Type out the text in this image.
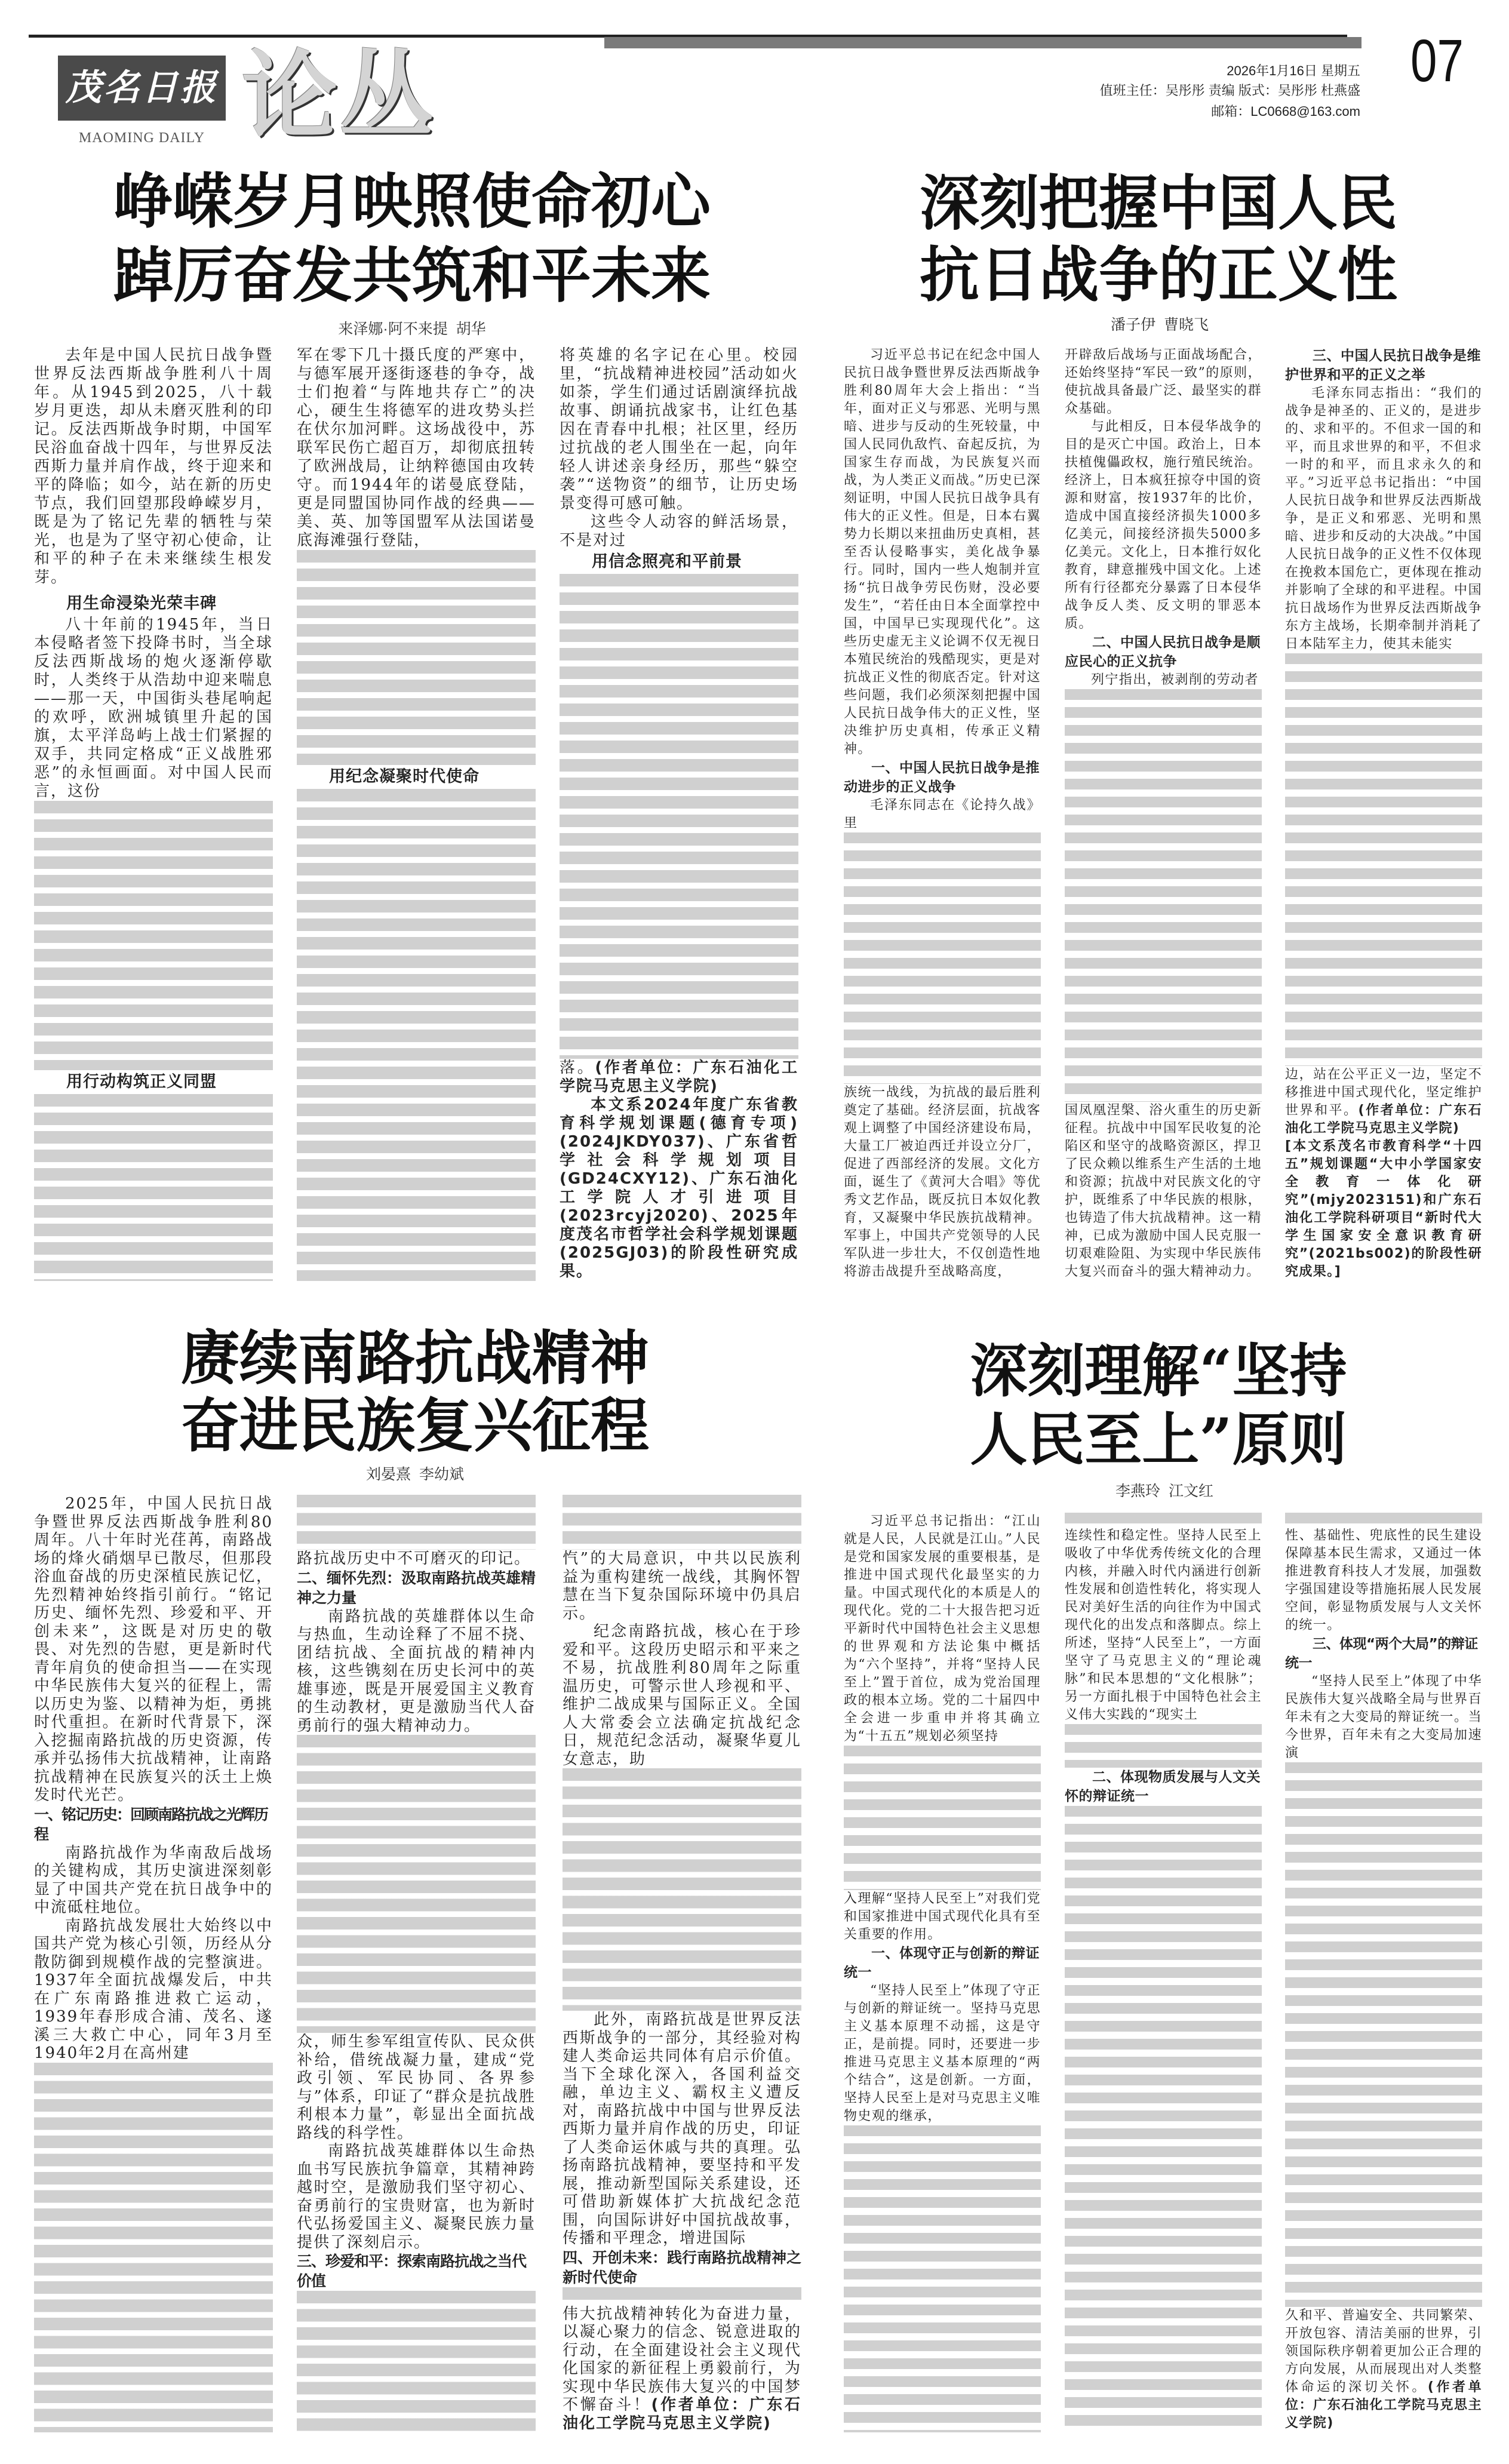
茂名日报
MAOMING DAILY 论丛	2026年1月16日 星期五
值班主任：吴彤彤 责编 版式：吴彤彤 杜燕盛
邮箱：LC0668@163.com
07
峥嵘岁月映照使命初心
踔厉奋发共筑和平未来
来泽娜·阿不来提  胡华

去年是中国人民抗日战争暨世界反法西斯战争胜利八十周年。从1945到2025，八十载岁月更迭，却从未磨灭胜利的印记。反法西斯战争时期，中国军民浴血奋战十四年，与世界反法西斯力量并肩作战，终于迎来和平的降临；如今，站在新的历史节点，我们回望那段峥嵘岁月，既是为了铭记先辈的牺牲与荣光，也是为了坚守初心使命，让和平的种子在未来继续生根发芽。

用生命浸染光荣丰碑

八十年前的1945年，当日本侵略者签下投降书时，当全球反法西斯战场的炮火逐渐停歇时，人类终于从浩劫中迎来喘息——那一天，中国街头巷尾响起的欢呼，欧洲城镇里升起的国旗，太平洋岛屿上战士们紧握的双手，共同定格成“正义战胜邪恶”的永恒画面。对中国人民而言，这份

用行动构筑正义同盟

军在零下几十摄氏度的严寒中，与德军展开逐街逐巷的争夺，战士们抱着“与阵地共存亡”的决心，硬生生将德军的进攻势头拦在伏尔加河畔。这场战役中，苏联军民伤亡超百万，却彻底扭转了欧洲战局，让纳粹德国由攻转守。而1944年的诺曼底登陆，更是同盟国协同作战的经典——美、英、加等国盟军从法国诺曼底海滩强行登陆，

用纪念凝聚时代使命

将英雄的名字记在心里。校园里，“抗战精神进校园”活动如火如荼，学生们通过话剧演绎抗战故事、朗诵抗战家书，让红色基因在青春中扎根；社区里，经历过抗战的老人围坐在一起，向年轻人讲述亲身经历，那些“躲空袭”“送物资”的细节，让历史场景变得可感可触。

这些令人动容的鲜活场景，不是对过

用信念照亮和平前景

落。(作者单位：广东石油化工学院马克思主义学院)

本文系2024年度广东省教育科学规划课题(德育专项)(2024JKDY037)、广东省哲学社会科学规划项目(GD24CXY12)、广东石油化工学院人才引进项目(2023rcyj2020)、2025年度茂名市哲学社会科学规划课题(2025GJ03)的阶段性研究成果。

深刻把握中国人民
抗日战争的正义性
潘子伊  曹晓飞

习近平总书记在纪念中国人民抗日战争暨世界反法西斯战争胜利80周年大会上指出：“当年，面对正义与邪恶、光明与黑暗、进步与反动的生死较量，中国人民同仇敌忾、奋起反抗，为国家生存而战，为民族复兴而战，为人类正义而战。”历史已深刻证明，中国人民抗日战争具有伟大的正义性。但是，日本右翼势力长期以来扭曲历史真相，甚至否认侵略事实，美化战争暴行。同时，国内一些人炮制并宣扬“抗日战争劳民伤财，没必要发生”，“若任由日本全面掌控中国，中国早已实现现代化”。这些历史虚无主义论调不仅无视日本殖民统治的残酷现实，更是对抗战正义性的彻底否定。针对这些问题，我们必须深刻把握中国人民抗日战争伟大的正义性，坚决维护历史真相，传承正义精神。

一、中国人民抗日战争是推动进步的正义战争

毛泽东同志在《论持久战》里

族统一战线，为抗战的最后胜利奠定了基础。经济层面，抗战客观上调整了中国经济建设布局，大量工厂被迫西迁并设立分厂，促进了西部经济的发展。文化方面，诞生了《黄河大合唱》等优秀文艺作品，既反抗日本奴化教育，又凝聚中华民族抗战精神。军事上，中国共产党领导的人民军队进一步壮大，不仅创造性地将游击战提升至战略高度，

开辟敌后战场与正面战场配合，还始终坚持“军民一致”的原则，使抗战具备最广泛、最坚实的群众基础。

与此相反，日本侵华战争的目的是灭亡中国。政治上，日本扶植傀儡政权，施行殖民统治。经济上，日本疯狂掠夺中国的资源和财富，按1937年的比价，造成中国直接经济损失1000多亿美元，间接经济损失5000多亿美元。文化上，日本推行奴化教育，肆意摧残中国文化。上述所有行径都充分暴露了日本侵华战争反人类、反文明的罪恶本质。

二、中国人民抗日战争是顺应民心的正义抗争

列宁指出，被剥削的劳动者

国凤凰涅槃、浴火重生的历史新征程。抗战中中国军民收复的沦陷区和坚守的战略资源区，捍卫了民众赖以维系生产生活的土地和资源；抗战中对民族文化的守护，既维系了中华民族的根脉，也铸造了伟大抗战精神。这一精神，已成为激励中国人民克服一切艰难险阻、为实现中华民族伟大复兴而奋斗的强大精神动力。

三、中国人民抗日战争是维护世界和平的正义之举

毛泽东同志指出：“我们的战争是神圣的、正义的，是进步的、求和平的。不但求一国的和平，而且求世界的和平，不但求一时的和平，而且求永久的和平。”习近平总书记指出：“中国人民抗日战争和世界反法西斯战争，是正义和邪恶、光明和黑暗、进步和反动的大决战。”中国人民抗日战争的正义性不仅体现在挽救本国危亡，更体现在推动并影响了全球的和平进程。中国抗日战场作为世界反法西斯战争东方主战场，长期牵制并消耗了日本陆军主力，使其未能实

边，站在公平正义一边，坚定不移推进中国式现代化，坚定维护世界和平。(作者单位：广东石油化工学院马克思主义学院)

[本文系茂名市教育科学“十四五”规划课题“大中小学国家安全教育一体化研究”(mjy2023151)和广东石油化工学院科研项目“新时代大学生国家安全意识教育研究”(2021bs002)的阶段性研究成果。]

赓续南路抗战精神
奋进民族复兴征程
刘晏熹  李幼斌

2025年，中国人民抗日战争暨世界反法西斯战争胜利80周年。八十年时光荏苒，南路战场的烽火硝烟早已散尽，但那段浴血奋战的历史深植民族记忆，先烈精神始终指引前行。“铭记历史、缅怀先烈、珍爱和平、开创未来”，这既是对历史的敬畏、对先烈的告慰，更是新时代青年肩负的使命担当——在实现中华民族伟大复兴的征程上，需以历史为鉴、以精神为炬，勇挑时代重担。在新时代背景下，深入挖掘南路抗战的历史资源，传承并弘扬伟大抗战精神，让南路抗战精神在民族复兴的沃土上焕发时代光芒。

一、铭记历史：回顾南路抗战之光辉历程

南路抗战作为华南敌后战场的关键构成，其历史演进深刻彰显了中国共产党在抗日战争中的中流砥柱地位。

南路抗战发展壮大始终以中国共产党为核心引领，历经从分散防御到规模作战的完整演进。1937年全面抗战爆发后，中共在广东南路推进救亡运动，1939年春形成合浦、茂名、遂溪三大救亡中心，同年3月至1940年2月在高州建

路抗战历史中不可磨灭的印记。

二、缅怀先烈：汲取南路抗战英雄精神之力量

南路抗战的英雄群体以生命与热血，生动诠释了不屈不挠、团结抗战、全面抗战的精神内核，这些镌刻在历史长河中的英雄事迹，既是开展爱国主义教育的生动教材，更是激励当代人奋勇前行的强大精神动力。

众，师生参军组宣传队、民众供补给，借统战凝力量，建成“党政引领、军民协同、各界参与”体系，印证了“群众是抗战胜利根本力量”，彰显出全面抗战路线的科学性。

南路抗战英雄群体以生命热血书写民族抗争篇章，其精神跨越时空，是激励我们坚守初心、奋勇前行的宝贵财富，也为新时代弘扬爱国主义、凝聚民族力量提供了深刻启示。

三、珍爱和平：探索南路抗战之当代价值

忾”的大局意识，中共以民族利益为重构建统一战线，其胸怀智慧在当下复杂国际环境中仍具启示。

纪念南路抗战，核心在于珍爱和平。这段历史昭示和平来之不易，抗战胜利80周年之际重温历史，可警示世人珍视和平、维护二战成果与国际正义。全国人大常委会立法确定抗战纪念日，规范纪念活动，凝聚华夏儿女意志，助

此外，南路抗战是世界反法西斯战争的一部分，其经验对构建人类命运共同体有启示价值。当下全球化深入，各国利益交融，单边主义、霸权主义遭反对，南路抗战中中国与世界反法西斯力量并肩作战的历史，印证了人类命运休戚与共的真理。弘扬南路抗战精神，要坚持和平发展，推动新型国际关系建设，还可借助新媒体扩大抗战纪念范围，向国际讲好中国抗战故事，传播和平理念，增进国际

四、开创未来：践行南路抗战精神之新时代使命

伟大抗战精神转化为奋进力量，以凝心聚力的信念、锐意进取的行动，在全面建设社会主义现代化国家的新征程上勇毅前行，为实现中华民族伟大复兴的中国梦不懈奋斗！(作者单位：广东石油化工学院马克思主义学院)

深刻理解“坚持
人民至上”原则
李燕玲  江文红

习近平总书记指出：“江山就是人民，人民就是江山。”人民是党和国家发展的重要根基，是推进中国式现代化最坚实的力量。中国式现代化的本质是人的现代化。党的二十大报告把习近平新时代中国特色社会主义思想的世界观和方法论集中概括为“六个坚持”，并将“坚持人民至上”置于首位，成为党治国理政的根本立场。党的二十届四中全会进一步重申并将其确立为“十五五”规划必须坚持

入理解“坚持人民至上”对我们党和国家推进中国式现代化具有至关重要的作用。

一、体现守正与创新的辩证统一

“坚持人民至上”体现了守正与创新的辩证统一。坚持马克思主义基本原理不动摇，这是守正，是前提。同时，还要进一步推进马克思主义基本原理的“两个结合”，这是创新。一方面，坚持人民至上是对马克思主义唯物史观的继承，

连续性和稳定性。坚持人民至上吸收了中华优秀传统文化的合理内核，并融入时代内涵进行创新性发展和创造性转化，将实现人民对美好生活的向往作为中国式现代化的出发点和落脚点。综上所述，坚持“人民至上”，一方面坚守了马克思主义的“理论魂脉”和民本思想的“文化根脉”；另一方面扎根于中国特色社会主义伟大实践的“现实土

二、体现物质发展与人文关怀的辩证统一

性、基础性、兜底性的民生建设保障基本民生需求，又通过一体推进教育科技人才发展，加强数字强国建设等措施拓展人民发展空间，彰显物质发展与人文关怀的统一。

三、体现“两个大局”的辩证统一

“坚持人民至上”体现了中华民族伟大复兴战略全局与世界百年未有之大变局的辩证统一。当今世界，百年未有之大变局加速演

久和平、普遍安全、共同繁荣、开放包容、清洁美丽的世界，引领国际秩序朝着更加公正合理的方向发展，从而展现出对人类整体命运的深切关怀。(作者单位：广东石油化工学院马克思主义学院)
